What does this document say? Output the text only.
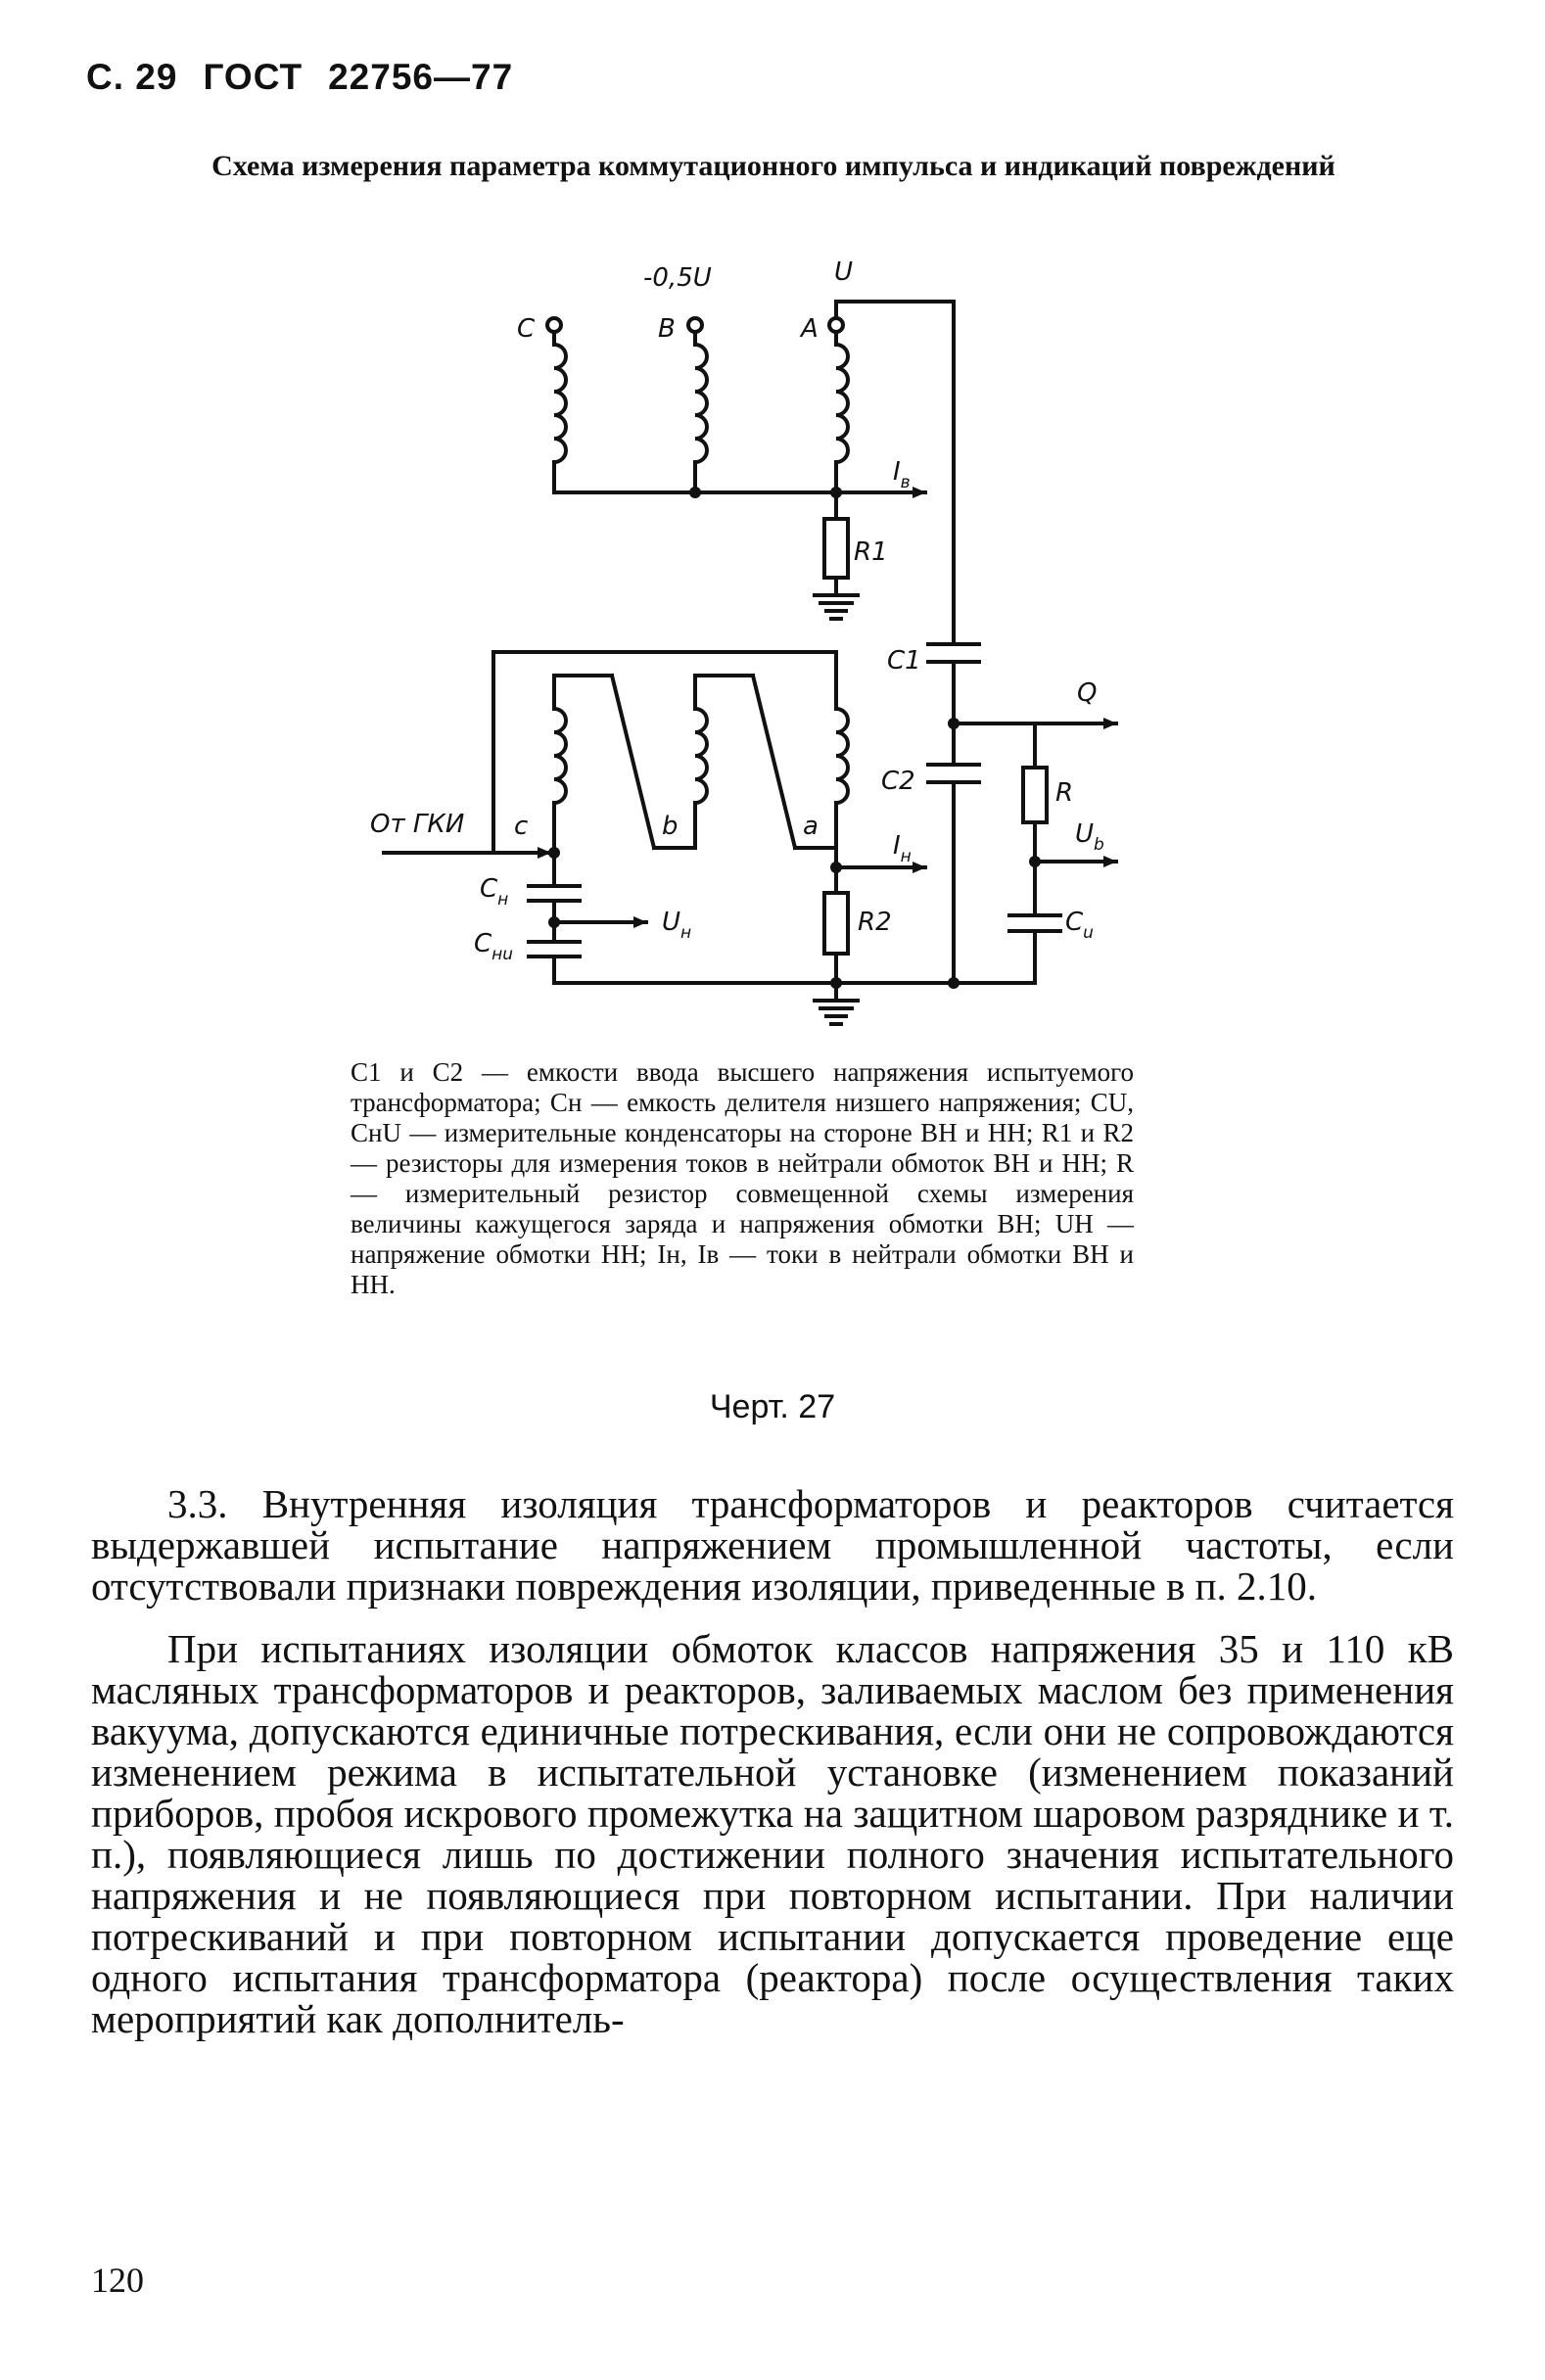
С. 29 ГОСТ 22756—77
Схема измерения параметра коммутационного импульса и индикаций повреждений
-0,5U	U
C	B	A
$I_в$
R1
C1
Q
R
$U_b$
$C_u$
C2
От ГКИ c	b	a
$I_н$
$C_н$
$C_{нu}$
$U_н$	R2

C1 и C2 — емкости ввода высшего напряжения испытуемого трансформатора; Cн — емкость делителя низшего напряжения; CU, CнU — измерительные конденсаторы на стороне ВН и НН; R1 и R2 — резисторы для измерения токов в нейтрали обмоток ВН и НН; R — измерительный резистор совмещенной схемы измерения величины кажущегося заряда и напряжения обмотки ВН; UН — напряжение обмотки НН; Iн, Iв — токи в нейтрали обмотки ВН и НН.

Черт. 27

3.3. Внутренняя изоляция трансформаторов и реакторов считается выдержавшей испытание напряжением промышленной частоты, если отсутствовали признаки повреждения изоляции, приведенные в п. 2.10.

При испытаниях изоляции обмоток классов напряжения 35 и 110 кВ масляных трансформаторов и реакторов, заливаемых маслом без применения вакуума, допускаются единичные потрескивания, если они не сопровождаются изменением режима в испытательной установке (изменением показаний приборов, пробоя искрового промежутка на защитном шаровом разряднике и т. п.), появляющиеся лишь по достижении полного значения испытательного напряжения и не появляющиеся при повторном испытании. При наличии потрескиваний и при повторном испытании допускается проведение еще одного испытания трансформатора (реактора) после осуществления таких мероприятий как дополнитель-

120
